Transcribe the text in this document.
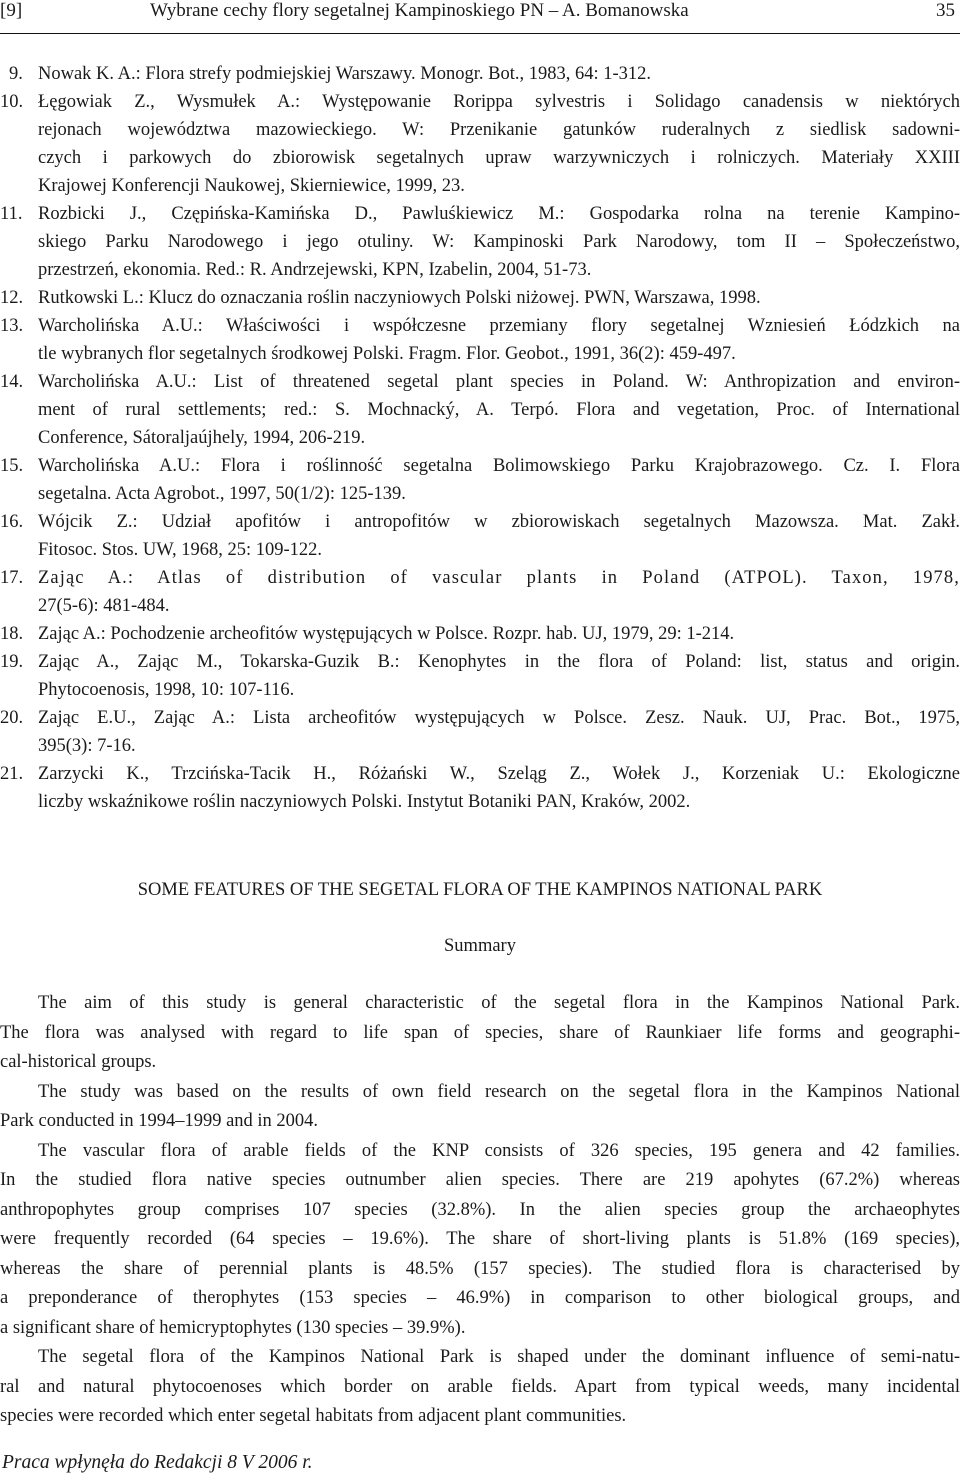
[9]	Wybrane cechy flory segetalnej Kampinoskiego PN – A. Bomanowska	35
9. Nowak K. A.: Flora strefy podmiejskiej Warszawy. Monogr. Bot., 1983, 64: 1-312.
10. Łęgowiak Z., Wysmułek A.: Występowanie Rorippa sylvestris i Solidago canadensis w niektórych
rejonach województwa mazowieckiego. W: Przenikanie gatunków ruderalnych z siedlisk sadowni-
czych i parkowych do zbiorowisk segetalnych upraw warzywniczych i rolniczych. Materiały XXIII
Krajowej Konferencji Naukowej, Skierniewice, 1999, 23.
11. Rozbicki J., Czępińska-Kamińska D., Pawluśkiewicz M.: Gospodarka rolna na terenie Kampino-
skiego Parku Narodowego i jego otuliny. W: Kampinoski Park Narodowy, tom II – Społeczeństwo,
przestrzeń, ekonomia. Red.: R. Andrzejewski, KPN, Izabelin, 2004, 51-73.
12. Rutkowski L.: Klucz do oznaczania roślin naczyniowych Polski niżowej. PWN, Warszawa, 1998.
13. Warcholińska A.U.: Właściwości i współczesne przemiany flory segetalnej Wzniesień Łódzkich na
tle wybranych flor segetalnych środkowej Polski. Fragm. Flor. Geobot., 1991, 36(2): 459-497.
14. Warcholińska A.U.: List of threatened segetal plant species in Poland. W: Anthropization and environ-
ment of rural settlements; red.: S. Mochnacký, A. Terpó. Flora and vegetation, Proc. of International
Conference, Sátoraljaújhely, 1994, 206-219.
15. Warcholińska A.U.: Flora i roślinność segetalna Bolimowskiego Parku Krajobrazowego. Cz. I. Flora
segetalna. Acta Agrobot., 1997, 50(1/2): 125-139.
16. Wójcik Z.: Udział apofitów i antropofitów w zbiorowiskach segetalnych Mazowsza. Mat. Zakł.
Fitosoc. Stos. UW, 1968, 25: 109-122.
17. Zając A.: Atlas of distribution of vascular plants in Poland (ATPOL). Taxon, 1978,
27(5-6): 481-484.
18. Zając A.: Pochodzenie archeofitów występujących w Polsce. Rozpr. hab. UJ, 1979, 29: 1-214.
19. Zając A., Zając M., Tokarska-Guzik B.: Kenophytes in the flora of Poland: list, status and origin.
Phytocoenosis, 1998, 10: 107-116.
20. Zając E.U., Zając A.: Lista archeofitów występujących w Polsce. Zesz. Nauk. UJ, Prac. Bot., 1975,
395(3): 7-16.
21. Zarzycki K., Trzcińska-Tacik H., Różański W., Szeląg Z., Wołek J., Korzeniak U.: Ekologiczne
liczby wskaźnikowe roślin naczyniowych Polski. Instytut Botaniki PAN, Kraków, 2002.
SOME FEATURES OF THE SEGETAL FLORA OF THE KAMPINOS NATIONAL PARK
Summary
The aim of this study is general characteristic of the segetal flora in the Kampinos National Park.
The flora was analysed with regard to life span of species, share of Raunkiaer life forms and geographi-
cal-historical groups.
The study was based on the results of own field research on the segetal flora in the Kampinos National
Park conducted in 1994–1999 and in 2004.
The vascular flora of arable fields of the KNP consists of 326 species, 195 genera and 42 families.
In the studied flora native species outnumber alien species. There are 219 apohytes (67.2%) whereas
anthropophytes group comprises 107 species (32.8%). In the alien species group the archaeophytes
were frequently recorded (64 species – 19.6%). The share of short-living plants is 51.8% (169 species),
whereas the share of perennial plants is 48.5% (157 species). The studied flora is characterised by
a preponderance of therophytes (153 species – 46.9%) in comparison to other biological groups, and
a significant share of hemicryptophytes (130 species – 39.9%).
The segetal flora of the Kampinos National Park is shaped under the dominant influence of semi-natu-
ral and natural phytocoenoses which border on arable fields. Apart from typical weeds, many incidental
species were recorded which enter segetal habitats from adjacent plant communities.
Praca wpłynęła do Redakcji 8 V 2006 r.
